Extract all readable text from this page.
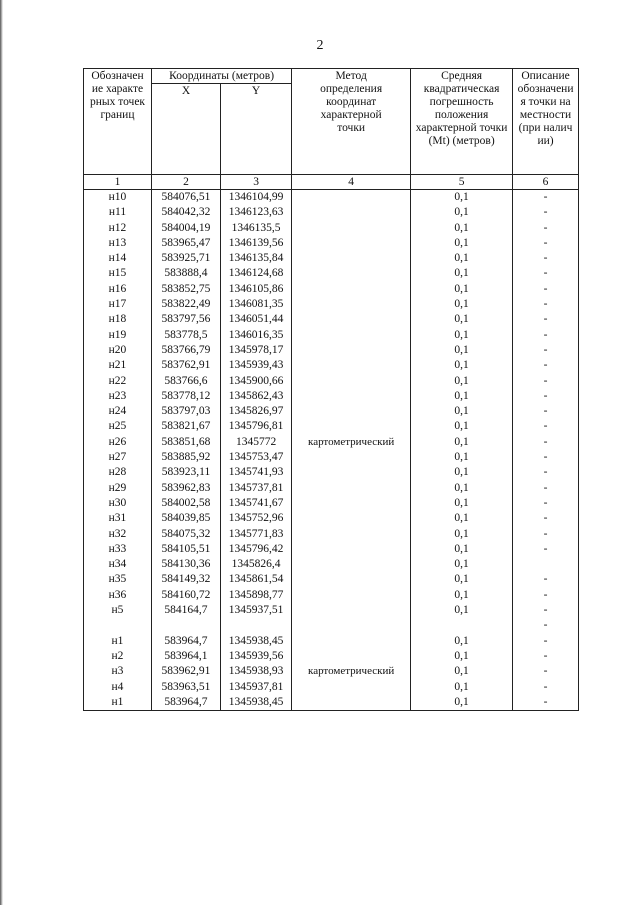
2
Обозначение характерных точек границ	Координаты (метров)		Метод определения координат характерной точки	Средняя квадратическая погрешность положения характерной точки (Mt) (метров)	Описание обозначения точки на местности (при наличии)

	X	Y			
1	2	3	4	5	6
н10	584076,51	1346104,99		0,1	-
н11	584042,32	1346123,63		0,1	-
н12	584004,19	1346135,5		0,1	-
н13	583965,47	1346139,56		0,1	-
н14	583925,71	1346135,84		0,1	-
н15	583888,4	1346124,68		0,1	-
н16	583852,75	1346105,86		0,1	-
н17	583822,49	1346081,35		0,1	-
н18	583797,56	1346051,44		0,1	-
н19	583778,5	1346016,35		0,1	-
н20	583766,79	1345978,17		0,1	-
н21	583762,91	1345939,43		0,1	-
н22	583766,6	1345900,66		0,1	-
н23	583778,12	1345862,43		0,1	-
н24	583797,03	1345826,97		0,1	-
н25	583821,67	1345796,81		0,1	-
н26	583851,68	1345772	картометрический	0,1	-
н27	583885,92	1345753,47		0,1	-
н28	583923,11	1345741,93		0,1	-
н29	583962,83	1345737,81		0,1	-
н30	584002,58	1345741,67		0,1	-
н31	584039,85	1345752,96		0,1	-
н32	584075,32	1345771,83		0,1	-
н33	584105,51	1345796,42		0,1	-
н34	584130,36	1345826,4		0,1	
н35	584149,32	1345861,54		0,1	-
н36	584160,72	1345898,77		0,1	-
н5	584164,7	1345937,51		0,1	-
					-
н1	583964,7	1345938,45		0,1	-
н2	583964,1	1345939,56		0,1	-
н3	583962,91	1345938,93	картометрический	0,1	-
н4	583963,51	1345937,81		0,1	-
н1	583964,7	1345938,45		0,1	-
